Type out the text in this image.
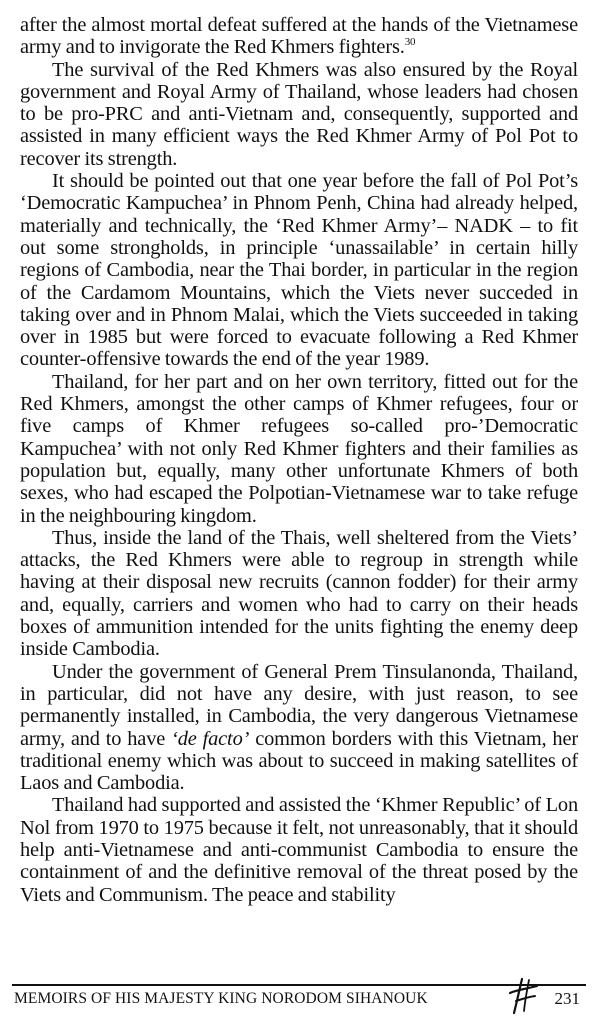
after the almost mortal defeat suffered at the hands of the Vietnamese army and to invigorate the Red Khmers fighters.$^{30}$

The survival of the Red Khmers was also ensured by the Royal government and Royal Army of Thailand, whose leaders had chosen to be pro-PRC and anti-Vietnam and, consequently, supported and assisted in many efficient ways the Red Khmer Army of Pol Pot to recover its strength.

It should be pointed out that one year before the fall of Pol Pot’s ‘Democratic Kampuchea’ in Phnom Penh, China had already helped, materially and technically, the ‘Red Khmer Army’– NADK – to fit out some strongholds, in principle ‘unassailable’ in certain hilly regions of Cambodia, near the Thai border, in particular in the region of the Cardamom Mountains, which the Viets never succeded in taking over and in Phnom Malai, which the Viets succeeded in taking over in 1985 but were forced to evacuate following a Red Khmer counter-offensive towards the end of the year 1989.

Thailand, for her part and on her own territory, fitted out for the Red Khmers, amongst the other camps of Khmer refugees, four or five camps of Khmer refugees so-called pro-’Democratic Kampuchea’ with not only Red Khmer fighters and their families as population but, equally, many other unfortunate Khmers of both sexes, who had escaped the Polpotian-Vietnamese war to take refuge in the neighbouring kingdom.

Thus, inside the land of the Thais, well sheltered from the Viets’ attacks, the Red Khmers were able to regroup in strength while having at their disposal new recruits (cannon fodder) for their army and, equally, carriers and women who had to carry on their heads boxes of ammunition intended for the units fighting the enemy deep inside Cambodia.

Under the government of General Prem Tinsulanonda, Thailand, in particular, did not have any desire, with just reason, to see permanently installed, in Cambodia, the very dangerous Vietnamese army, and to have ‘de facto’ common borders with this Vietnam, her traditional enemy which was about to succeed in making satellites of Laos and Cambodia.

Thailand had supported and assisted the ‘Khmer Republic’ of Lon Nol from 1970 to 1975 because it felt, not unreasonably, that it should help anti-Vietnamese and anti-communist Cambodia to ensure the containment of and the definitive removal of the threat posed by the Viets and Communism. The peace and stability

MEMOIRS OF HIS MAJESTY KING NORODOM SIHANOUK	231
